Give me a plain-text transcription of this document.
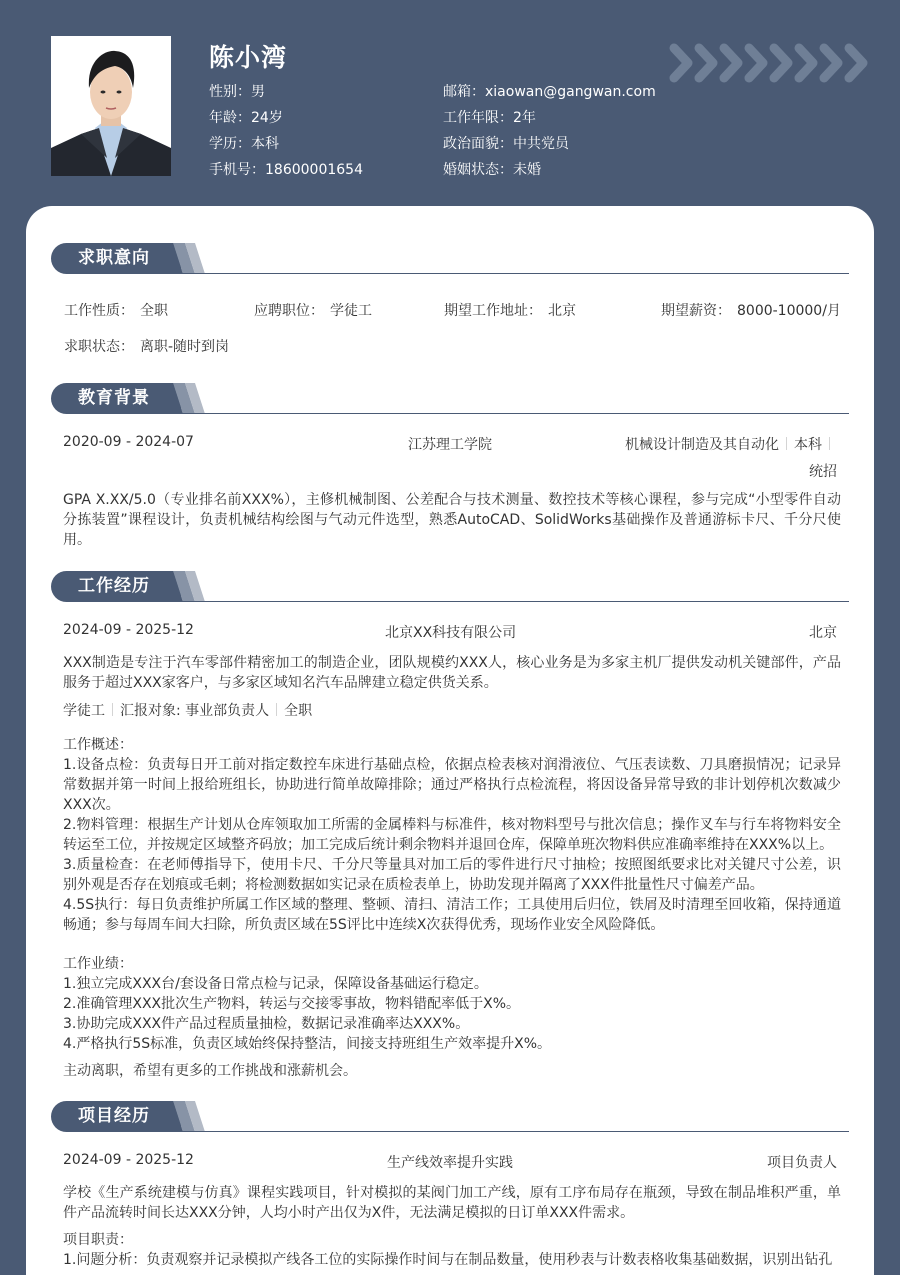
陈小湾
性别：男
年龄：24岁
学历：本科
手机号：18600001654
邮箱：xiaowan@gangwan.com
工作年限：2年
政治面貌：中共党员
婚姻状态：未婚
求职意向
工作性质： 全职	应聘职位： 学徒工	期望工作地址： 北京	期望薪资： 8000-10000/月
求职状态： 离职-随时到岗
教育背景
2020-09 - 2024-07	江苏理工学院	机械设计制造及其自动化 本科
统招
GPA X.XX/5.0（专业排名前XXX%），主修机械制图、公差配合与技术测量、数控技术等核心课程，参与完成“小型零件自动分拣装置”课程设计，负责机械结构绘图与气动元件选型，熟悉AutoCAD、SolidWorks基础操作及普通游标卡尺、千分尺使用。
工作经历
2024-09 - 2025-12	北京XX科技有限公司	北京
XXX制造是专注于汽车零部件精密加工的制造企业，团队规模约XXX人，核心业务是为多家主机厂提供发动机关键部件，产品服务于超过XXX家客户，与多家区域知名汽车品牌建立稳定供货关系。
学徒工 汇报对象: 事业部负责人 全职
工作概述：
1.设备点检：负责每日开工前对指定数控车床进行基础点检，依据点检表核对润滑液位、气压表读数、刀具磨损情况；记录异常数据并第一时间上报给班组长，协助进行简单故障排除；通过严格执行点检流程，将因设备异常导致的非计划停机次数减少XXX次。
2.物料管理：根据生产计划从仓库领取加工所需的金属棒料与标准件，核对物料型号与批次信息；操作叉车与行车将物料安全转运至工位，并按规定区域整齐码放；加工完成后统计剩余物料并退回仓库，保障单班次物料供应准确率维持在XXX%以上。
3.质量检查：在老师傅指导下，使用卡尺、千分尺等量具对加工后的零件进行尺寸抽检；按照图纸要求比对关键尺寸公差，识别外观是否存在划痕或毛刺；将检测数据如实记录在质检表单上，协助发现并隔离了XXX件批量性尺寸偏差产品。
4.5S执行：每日负责维护所属工作区域的整理、整顿、清扫、清洁工作；工具使用后归位，铁屑及时清理至回收箱，保持通道畅通；参与每周车间大扫除，所负责区域在5S评比中连续X次获得优秀，现场作业安全风险降低。
工作业绩：
1.独立完成XXX台/套设备日常点检与记录，保障设备基础运行稳定。
2.准确管理XXX批次生产物料，转运与交接零事故，物料错配率低于X%。
3.协助完成XXX件产品过程质量抽检，数据记录准确率达XXX%。
4.严格执行5S标准，负责区域始终保持整洁，间接支持班组生产效率提升X%。
主动离职，希望有更多的工作挑战和涨薪机会。
项目经历
2024-09 - 2025-12	生产线效率提升实践	项目负责人
学校《生产系统建模与仿真》课程实践项目，针对模拟的某阀门加工产线，原有工序布局存在瓶颈，导致在制品堆积严重，单件产品流转时间长达XXX分钟，人均小时产出仅为X件，无法满足模拟的日订单XXX件需求。
项目职责：
1.问题分析：负责观察并记录模拟产线各工位的实际操作时间与在制品数量，使用秒表与计数表格收集基础数据，识别出钻孔
